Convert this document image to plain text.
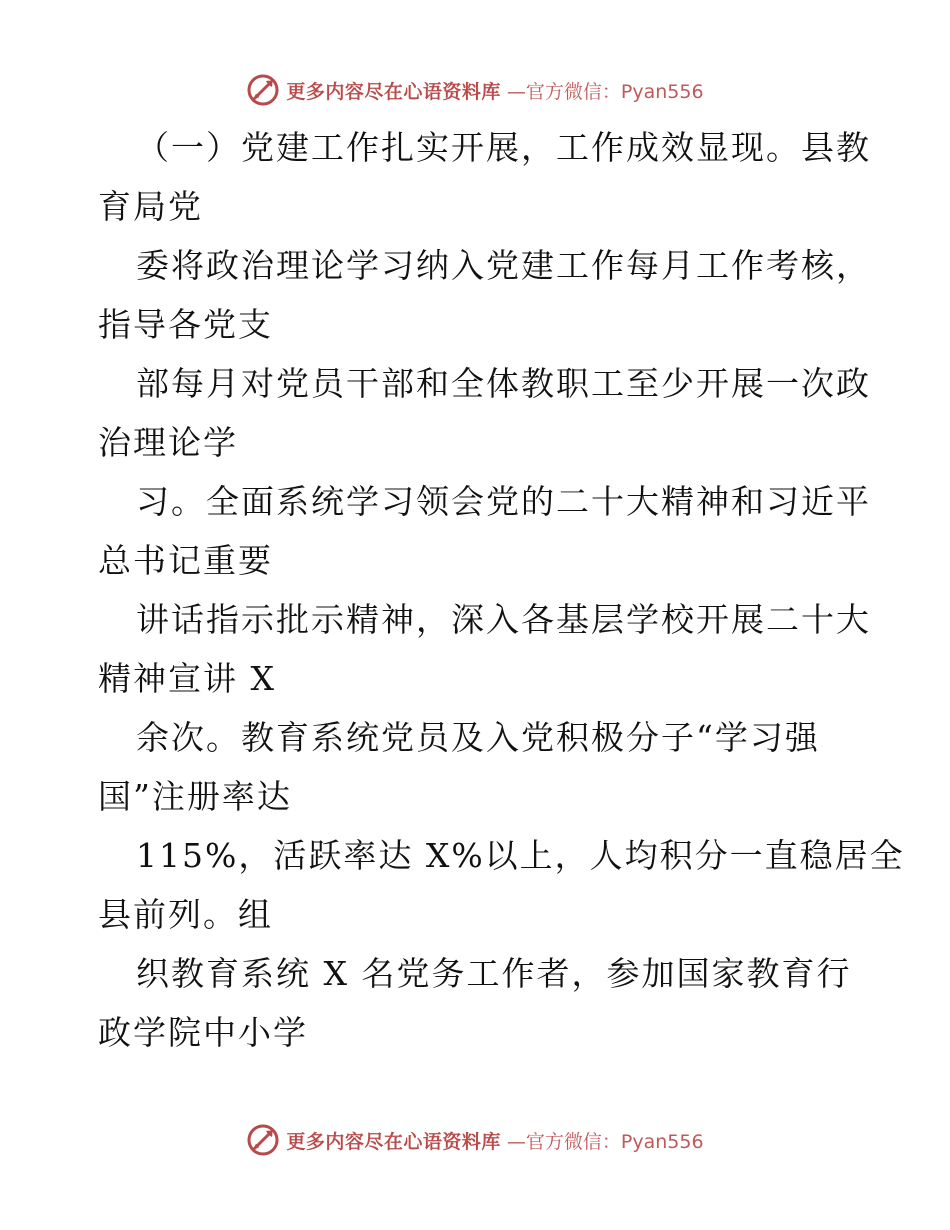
更多内容尽在心语资料库 —官方微信：Pyan556
（一）党建工作扎实开展，工作成效显现。县教
育局党
委将政治理论学习纳入党建工作每月工作考核，
指导各党支
部每月对党员干部和全体教职工至少开展一次政
治理论学
习。全面系统学习领会党的二十大精神和习近平
总书记重要
讲话指示批示精神，深入各基层学校开展二十大
精神宣讲 X
余次。教育系统党员及入党积极分子“学习强
国”注册率达
115%，活跃率达 X%以上，人均积分一直稳居全
县前列。组
织教育系统 X 名党务工作者，参加国家教育行
政学院中小学
更多内容尽在心语资料库 —官方微信：Pyan556
